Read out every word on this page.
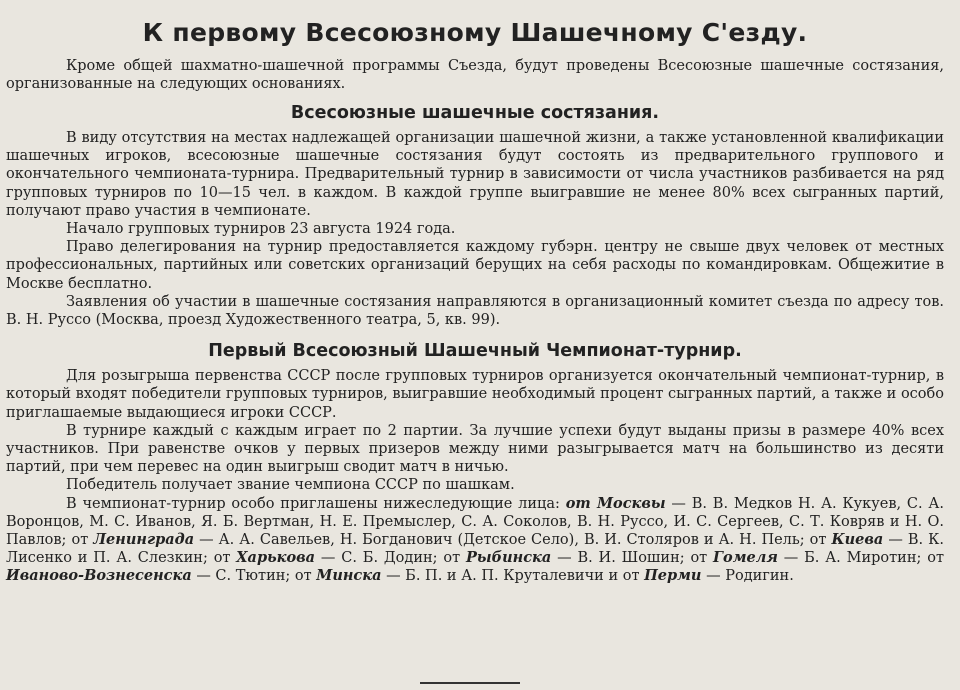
К первому Всесоюзному Шашечному С'езду.

Кроме общей шахматно-шашечной программы Съезда, будут проведены Всесоюзные шашечные состязания, организованные на следующих основаниях.

Всесоюзные шашечные состязания.

В виду отсутствия на местах надлежащей организации шашечной жизни, а также установленной квалификации шашечных игроков, всесоюзные шашечные состязания будут состоять из предварительного группового и окончательного чемпионата-турнира. Предварительный турнир в зависимости от числа участников разбивается на ряд групповых турниров по 10—15 чел. в каждом. В каждой группе выигравшие не менее 80% всех сыгранных партий, получают право участия в чемпионате.

Начало групповых турниров 23 августа 1924 года.

Право делегирования на турнир предоставляется каждому губэрн. центру не свыше двух человек от местных профессиональных, партийных или советских организаций берущих на себя расходы по командировкам. Общежитие в Москве бесплатно.

Заявления об участии в шашечные состязания направляются в организационный комитет съезда по адресу тов. В. Н. Руссо (Москва, проезд Художественного театра, 5, кв. 99).

Первый Всесоюзный Шашечный Чемпионат-турнир.

Для розыгрыша первенства СССР после групповых турниров организуется окончательный чемпионат-турнир, в который входят победители групповых турниров, выигравшие необходимый процент сыгранных партий, а также и особо приглашаемые выдающиеся игроки СССР.

В турнире каждый с каждым играет по 2 партии. За лучшие успехи будут выданы призы в размере 40% всех участников. При равенстве очков у первых призеров между ними разыгрывается матч на большинство из десяти партий, при чем перевес на один выигрыш сводит матч в ничью.

Победитель получает звание чемпиона СССР по шашкам.

В чемпионат-турнир особо приглашены нижеследующие лица: от Москвы — В. В. Медков Н. А. Кукуев, С. А. Воронцов, М. С. Иванов, Я. Б. Вертман, Н. Е. Премыслер, С. А. Соколов, В. Н. Руссо, И. С. Сергеев, С. Т. Ковряв и Н. О. Павлов; от Ленинграда — А. А. Савельев, Н. Богданович (Детское Село), В. И. Столяров и А. Н. Пель; от Киева — В. К. Лисенко и П. А. Слезкин; от Харькова — С. Б. Додин; от Рыбинска — В. И. Шошин; от Гомеля — Б. А. Миротин; от Иваново-Вознесенска — С. Тютин; от Минска — Б. П. и А. П. Круталевичи и от Перми — Родигин.
